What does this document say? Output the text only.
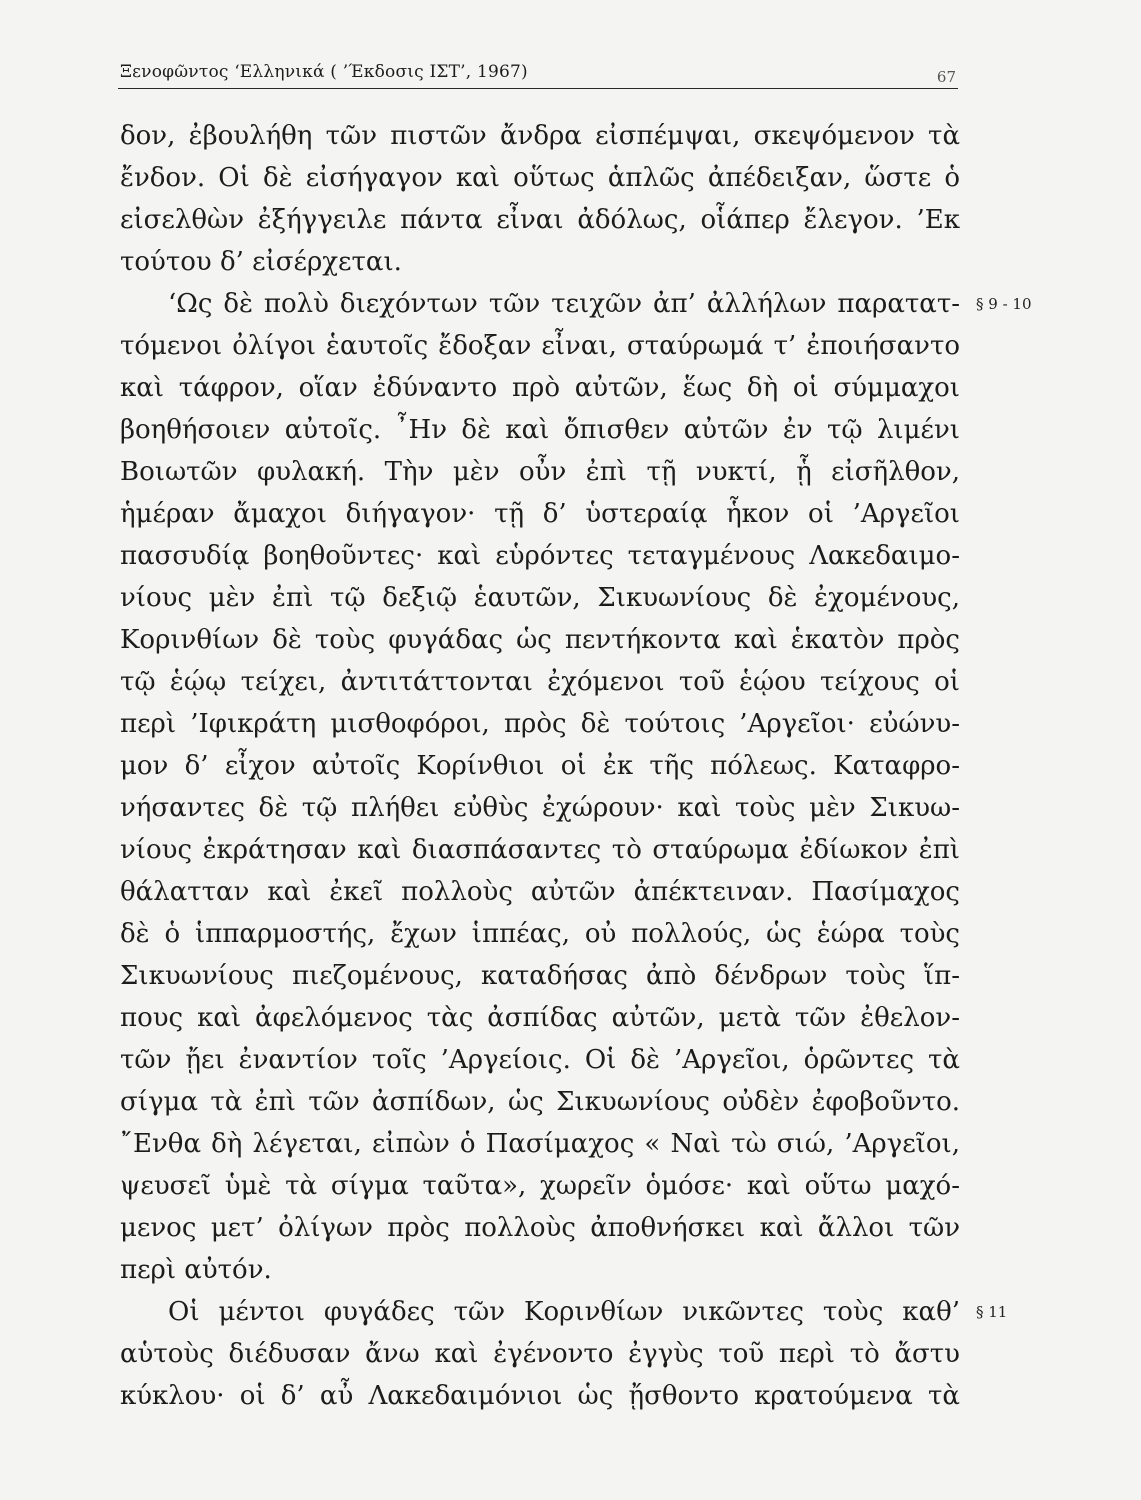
Ξενοφῶντος ‘Ελληνικά ( ’Έκδοσις ΙΣΤ’, 1967)	67
δον, ἐβουλήθη τῶν πιστῶν ἄνδρα εἰσπέμψαι, σκεψόμενον τὰ
ἔνδον. Οἱ δὲ εἰσήγαγον καὶ οὕτως ἁπλῶς ἀπέδειξαν, ὥστε ὁ
εἰσελθὼν ἐξήγγειλε πάντα εἶναι ἀδόλως, οἷάπερ ἔλεγον. ’Εκ
τούτου δ’ εἰσέρχεται.
‘Ως δὲ πολὺ διεχόντων τῶν τειχῶν ἀπ’ ἀλλήλων παρατατ-
τόμενοι ὀλίγοι ἑαυτοῖς ἔδοξαν εἶναι, σταύρωμά τ’ ἐποιήσαντο
καὶ τάφρον, οἵαν ἐδύναντο πρὸ αὐτῶν, ἕως δὴ οἱ σύμμαχοι
βοηθήσοιεν αὐτοῖς. ῏Ην δὲ καὶ ὄπισθεν αὐτῶν ἐν τῷ λιμένι
Βοιωτῶν φυλακή. Τὴν μὲν οὖν ἐπὶ τῇ νυκτί, ᾗ εἰσῆλθον,
ἡμέραν ἄμαχοι διήγαγον· τῇ δ’ ὑστεραίᾳ ἧκον οἱ ’Αργεῖοι
πασσυδίᾳ βοηθοῦντες· καὶ εὑρόντες τεταγμένους Λακεδαιμο-
νίους μὲν ἐπὶ τῷ δεξιῷ ἑαυτῶν, Σικυωνίους δὲ ἐχομένους,
Κορινθίων δὲ τοὺς φυγάδας ὡς πεντήκοντα καὶ ἑκατὸν πρὸς
τῷ ἑῴῳ τείχει, ἀντιτάττονται ἐχόμενοι τοῦ ἑῴου τείχους οἱ
περὶ ’Ιφικράτη μισθοφόροι, πρὸς δὲ τούτοις ’Αργεῖοι· εὐώνυ-
μον δ’ εἶχον αὐτοῖς Κορίνθιοι οἱ ἐκ τῆς πόλεως. Καταφρο-
νήσαντες δὲ τῷ πλήθει εὐθὺς ἐχώρουν· καὶ τοὺς μὲν Σικυω-
νίους ἐκράτησαν καὶ διασπάσαντες τὸ σταύρωμα ἐδίωκον ἐπὶ
θάλατταν καὶ ἐκεῖ πολλοὺς αὐτῶν ἀπέκτειναν. Πασίμαχος
δὲ ὁ ἱππαρμοστής, ἔχων ἱππέας, οὐ πολλούς, ὡς ἑώρα τοὺς
Σικυωνίους πιεζομένους, καταδήσας ἀπὸ δένδρων τοὺς ἵπ-
πους καὶ ἀφελόμενος τὰς ἀσπίδας αὐτῶν, μετὰ τῶν ἐθελον-
τῶν ᾔει ἐναντίον τοῖς ’Αργείοις. Οἱ δὲ ’Αργεῖοι, ὁρῶντες τὰ
σίγμα τὰ ἐπὶ τῶν ἀσπίδων, ὡς Σικυωνίους οὐδὲν ἐφοβοῦντο.
῎Ενθα δὴ λέγεται, εἰπὼν ὁ Πασίμαχος « Ναὶ τὼ σιώ, ’Αργεῖοι,
ψευσεῖ ὑμὲ τὰ σίγμα ταῦτα», χωρεῖν ὁμόσε· καὶ οὕτω μαχό-
μενος μετ’ ὀλίγων πρὸς πολλοὺς ἀποθνήσκει καὶ ἄλλοι τῶν
περὶ αὐτόν.
Οἱ μέντοι φυγάδες τῶν Κορινθίων νικῶντες τοὺς καθ’
αὑτοὺς διέδυσαν ἄνω καὶ ἐγένοντο ἐγγὺς τοῦ περὶ τὸ ἄστυ
κύκλου· οἱ δ’ αὖ Λακεδαιμόνιοι ὡς ᾔσθοντο κρατούμενα τὰ
§ 9 - 10
§ 11
